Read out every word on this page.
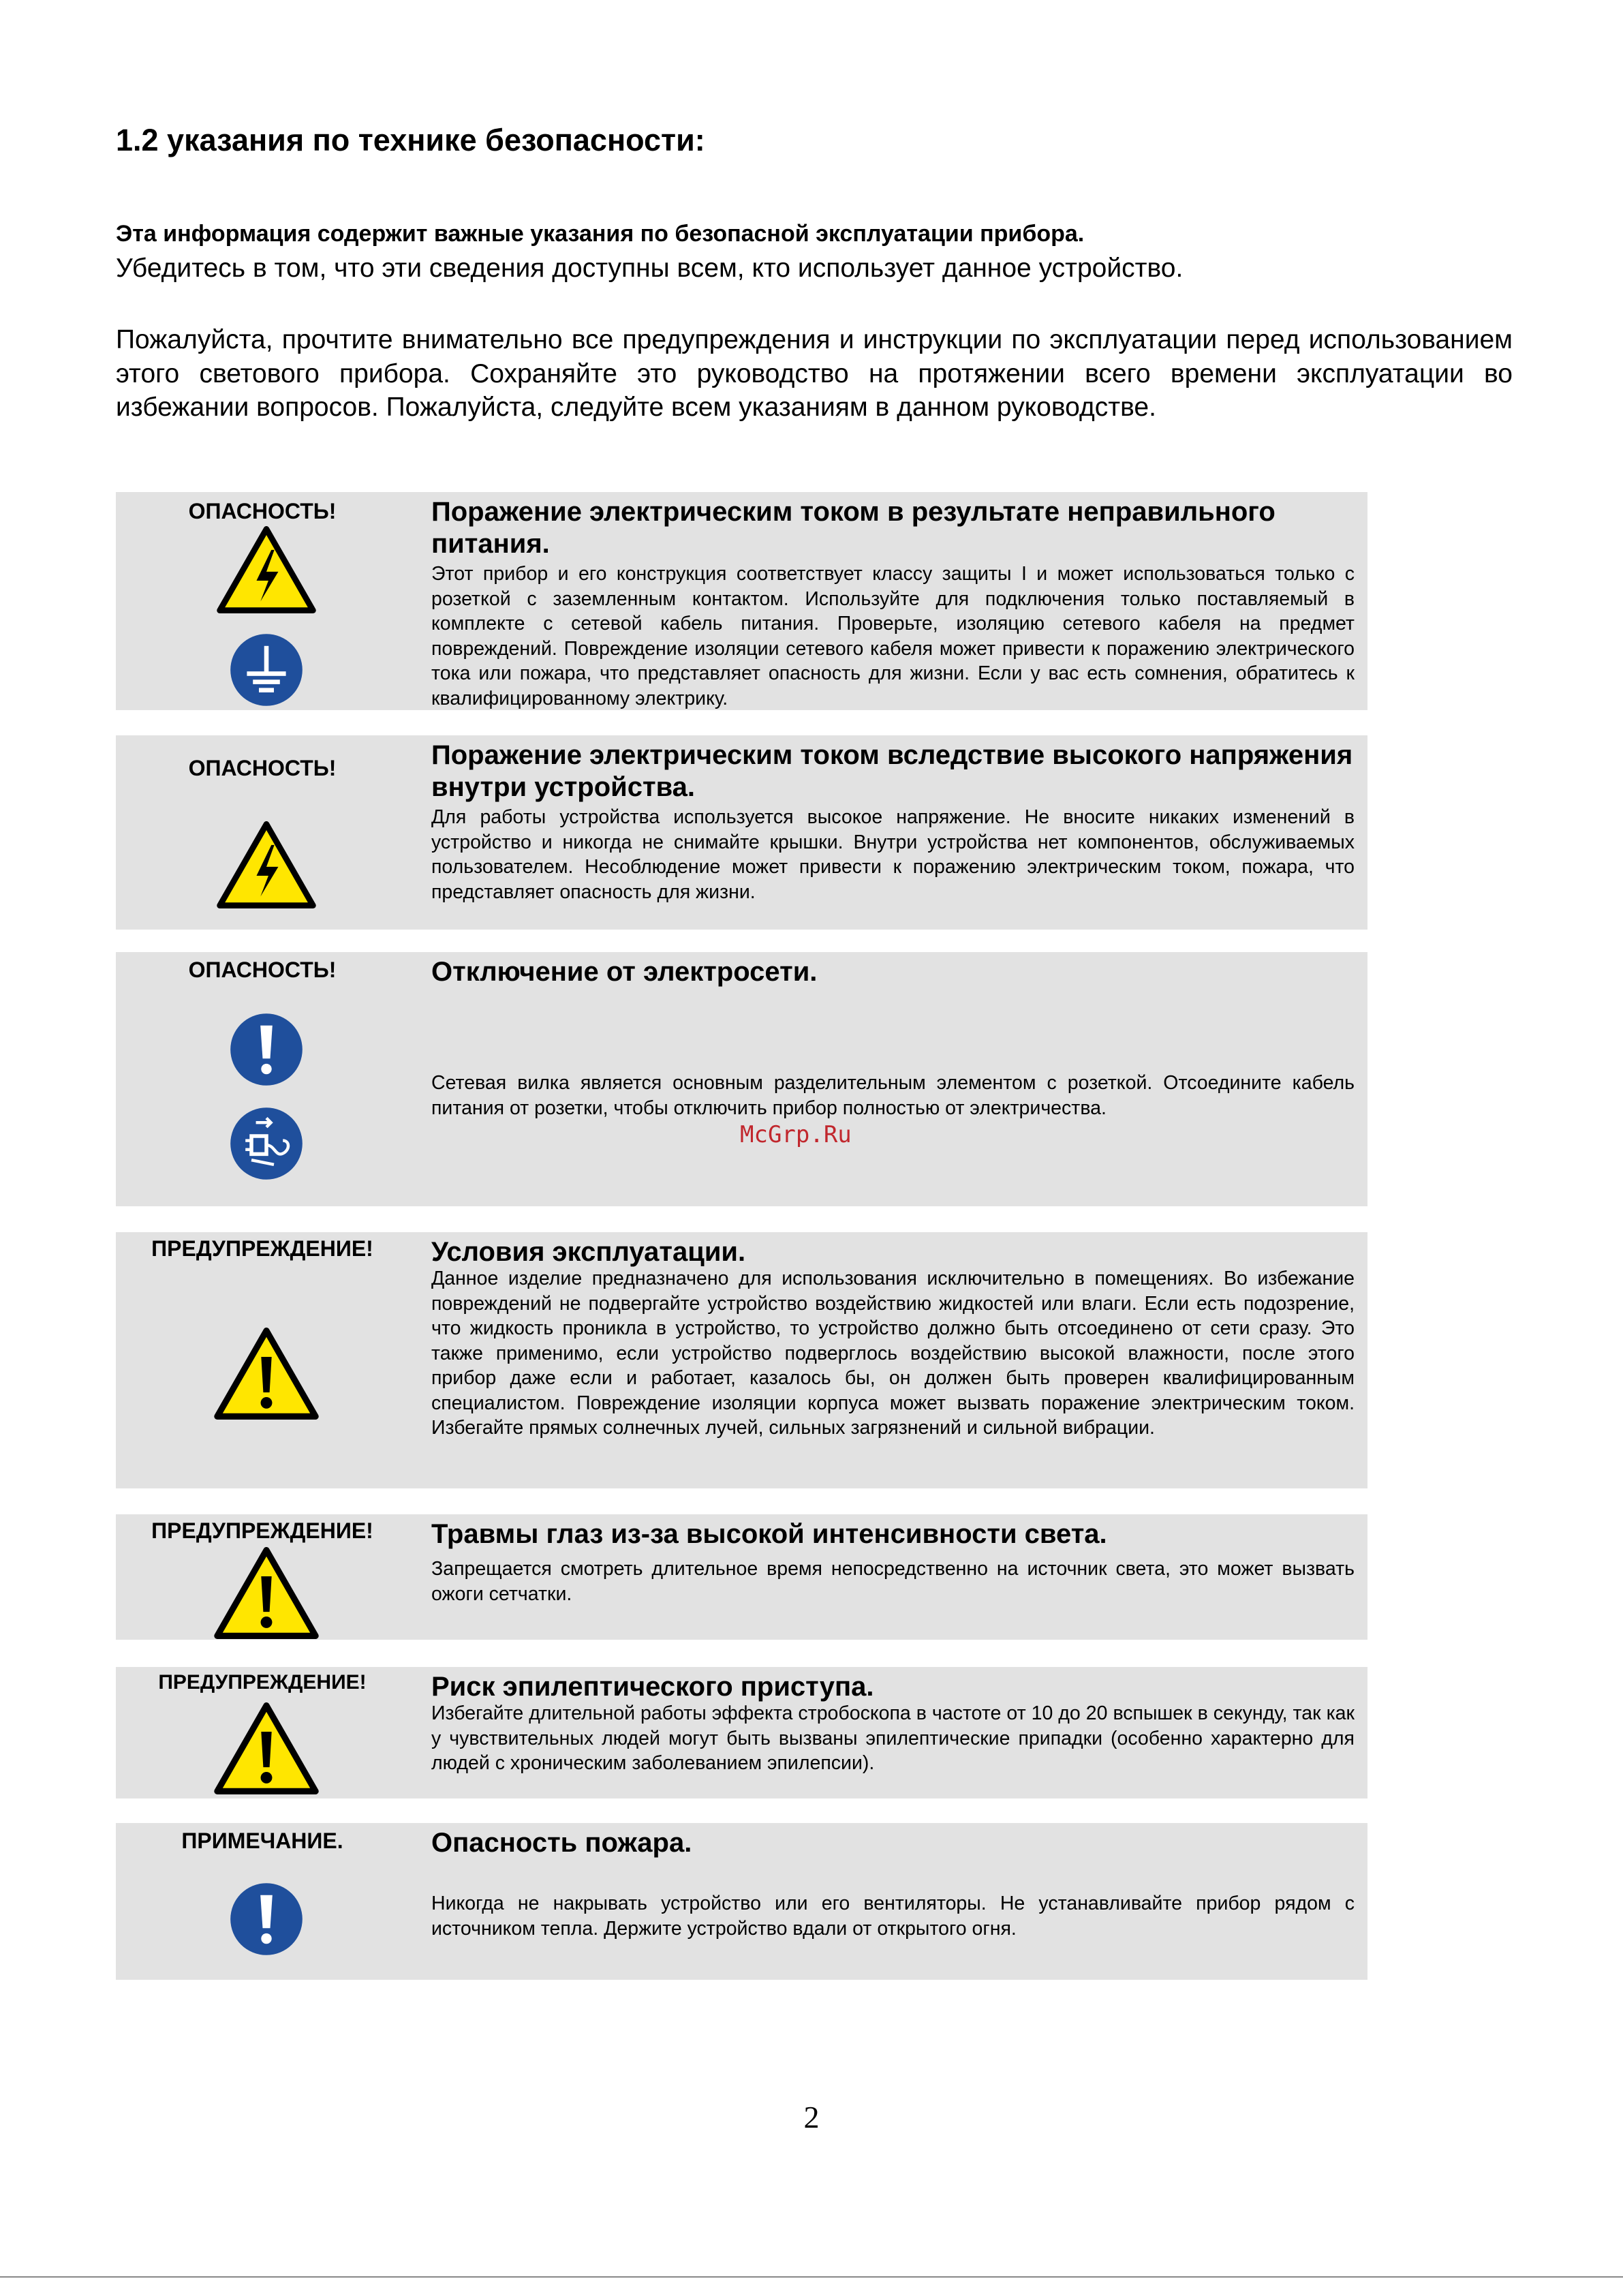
1.2 указания по технике безопасности:
Эта информация содержит важные указания по безопасной эксплуатации прибора.
Убедитесь в том, что эти сведения доступны всем, кто использует данное устройство.

Пожалуйста, прочтите внимательно все предупреждения и инструкции по эксплуатации перед использованием этого светового прибора. Сохраняйте это руководство на протяжении всего времени эксплуатации во избежании вопросов. Пожалуйста, следуйте всем указаниям в данном руководстве.

ОПАСНОСТЬ!	Поражение электрическим током в результате неправильного питания.

Этот прибор и его конструкция соответствует классу защиты I и может использоваться только с розеткой с заземленным контактом. Используйте для подключения только поставляемый в комплекте с сетевой кабель питания. Проверьте, изоляцию сетевого кабеля на предмет повреждений. Повреждение изоляции сетевого кабеля может привести к поражению электрического тока или пожара, что представляет опасность для жизни. Если у вас есть сомнения, обратитесь к квалифицированному электрику.

ОПАСНОСТЬ!	Поражение электрическим током вследствие высокого напряжения внутри устройства.

Для работы устройства используется высокое напряжение. Не вносите никаких изменений в устройство и никогда не снимайте крышки. Внутри устройства нет компонентов, обслуживаемых пользователем. Несоблюдение может привести к поражению электрическим током, пожара, что представляет опасность для жизни.

ОПАСНОСТЬ!	Отключение от электросети.

Сетевая вилка является основным разделительным элементом с розеткой. Отсоедините кабель питания от розетки, чтобы отключить прибор полностью от электричества.

ПРЕДУПРЕЖДЕНИЕ!	Условия эксплуатации.

Данное изделие предназначено для использования исключительно в помещениях. Во избежание повреждений не подвергайте устройство воздействию жидкостей или влаги. Если есть подозрение, что жидкость проникла в устройство, то устройство должно быть отсоединено от сети сразу. Это также применимо, если устройство подверглось воздействию высокой влажности, после этого прибор даже если и работает, казалось бы, он должен быть проверен квалифицированным специалистом. Повреждение изоляции корпуса может вызвать поражение электрическим током. Избегайте прямых солнечных лучей, сильных загрязнений и сильной вибрации.

ПРЕДУПРЕЖДЕНИЕ!	Травмы глаз из-за высокой интенсивности света.

Запрещается смотреть длительное время непосредственно на источник света, это может вызвать ожоги сетчатки.

ПРЕДУПРЕЖДЕНИЕ!	Риск эпилептического приступа.

Избегайте длительной работы эффекта стробоскопа в частоте от 10 до 20 вспышек в секунду, так как у чувствительных людей могут быть вызваны эпилептические припадки (особенно характерно для людей с хроническим заболеванием эпилепсии).

ПРИМЕЧАНИЕ.	Опасность пожара.

Никогда не накрывать устройство или его вентиляторы. Не устанавливайте прибор рядом с источником тепла. Держите устройство вдали от открытого огня.

McGrp.Ru
2
